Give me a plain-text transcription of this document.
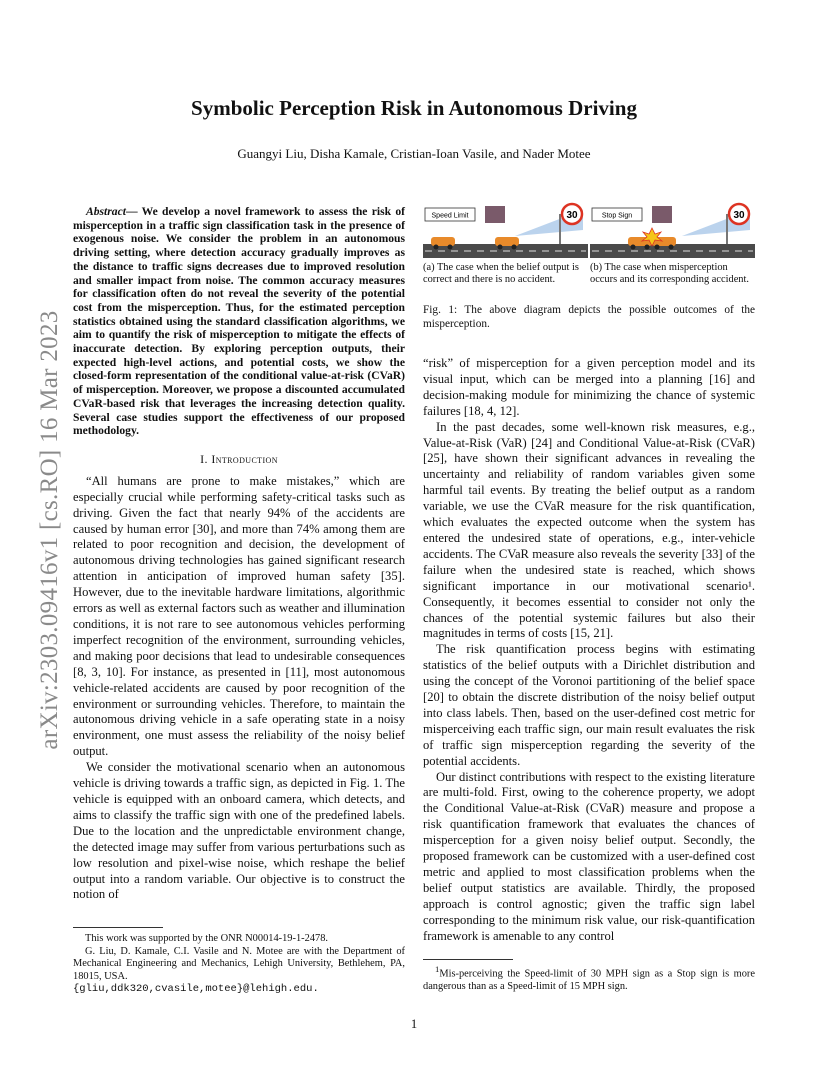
Symbolic Perception Risk in Autonomous Driving
Guangyi Liu, Disha Kamale, Cristian-Ioan Vasile, and Nader Motee
arXiv:2303.09416v1 [cs.RO] 16 Mar 2023

Abstract— We develop a novel framework to assess the risk of misperception in a traffic sign classification task in the presence of exogenous noise. We consider the problem in an autonomous driving setting, where detection accuracy gradually improves as the distance to traffic signs decreases due to improved resolution and smaller impact from noise. The common accuracy measures for classification often do not reveal the severity of the potential cost from the misperception. Thus, for the estimated perception statistics obtained using the standard classification algorithms, we aim to quantify the risk of misperception to mitigate the effects of inaccurate detection. By exploring perception outputs, their expected high-level actions, and potential costs, we show the closed-form representation of the conditional value-at-risk (CVaR) of misperception. Moreover, we propose a discounted accumulated CVaR-based risk that leverages the increasing detection quality. Several case studies support the effectiveness of our proposed methodology.

I. Introduction

“All humans are prone to make mistakes,” which are especially crucial while performing safety-critical tasks such as driving. Given the fact that nearly 94% of the accidents are caused by human error [30], and more than 74% among them are related to poor recognition and decision, the development of autonomous driving technologies has gained significant research attention in anticipation of improved human safety [35]. However, due to the inevitable hardware limitations, algorithmic errors as well as external factors such as weather and illumination conditions, it is not rare to see autonomous vehicles performing imperfect recognition of the environment, surrounding vehicles, and making poor decisions that lead to undesirable consequences [8, 3, 10]. For instance, as presented in [11], most autonomous vehicle-related accidents are caused by poor recognition of the environment or surrounding vehicles. Therefore, to maintain the autonomous driving vehicle in a safe operating state in a noisy environment, one must assess the reliability of the noisy belief output.

We consider the motivational scenario when an autonomous vehicle is driving towards a traffic sign, as depicted in Fig. 1. The vehicle is equipped with an onboard camera, which detects, and aims to classify the traffic sign with one of the predefined labels. Due to the location and the unpredictable environment change, the detected image may suffer from various perturbations such as low resolution and pixel-wise noise, which reshape the belief output into a random variable. Our objective is to construct the notion of

This work was supported by the ONR N00014-19-1-2478.

G. Liu, D. Kamale, C.I. Vasile and N. Motee are with the Department of Mechanical Engineering and Mechanics, Lehigh University, Bethlehem, PA, 18015, USA.

{gliu,ddk320,cvasile,motee}@lehigh.edu.

30
Speed Limit	30
Stop Sign
(a) The case when the belief output is correct and there is no accident.
(b) The case when misperception occurs and its corresponding accident.
Fig. 1: The above diagram depicts the possible outcomes of the misperception.

“risk” of misperception for a given perception model and its visual input, which can be merged into a planning [16] and decision-making module for minimizing the chance of systemic failures [18, 4, 12].

In the past decades, some well-known risk measures, e.g., Value-at-Risk (VaR) [24] and Conditional Value-at-Risk (CVaR) [25], have shown their significant advances in revealing the uncertainty and reliability of random variables given some harmful tail events. By treating the belief output as a random variable, we use the CVaR measure for the risk quantification, which evaluates the expected outcome when the system has entered the undesired state of operations, e.g., inter-vehicle accidents. The CVaR measure also reveals the severity [33] of the failure when the undesired state is reached, which shows significant importance in our motivational scenario¹. Consequently, it becomes essential to consider not only the chances of the potential systemic failures but also their magnitudes in terms of costs [15, 21].

The risk quantification process begins with estimating statistics of the belief outputs with a Dirichlet distribution and using the concept of the Voronoi partitioning of the belief space [20] to obtain the discrete distribution of the noisy belief output into class labels. Then, based on the user-defined cost metric for misperceiving each traffic sign, our main result evaluates the risk of traffic sign misperception regarding the severity of the potential accidents.

Our distinct contributions with respect to the existing literature are multi-fold. First, owing to the coherence property, we adopt the Conditional Value-at-Risk (CVaR) measure and propose a risk quantification framework that evaluates the chances of misperception for a given noisy belief output. Secondly, the proposed framework can be customized with a user-defined cost metric and applied to most classification problems when the belief output statistics are available. Thirdly, the proposed approach is control agnostic; given the traffic sign label corresponding to the minimum risk value, our risk-quantification framework is amenable to any control

$^1$Mis-perceiving the Speed-limit of 30 MPH sign as a Stop sign is more dangerous than as a Speed-limit of 15 MPH sign.
1
